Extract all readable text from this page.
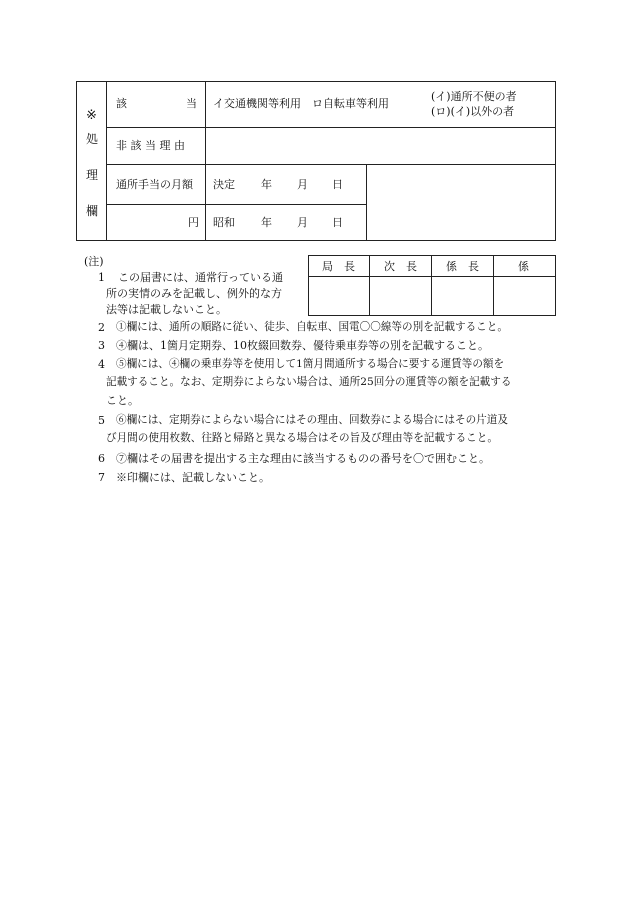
※
処
理
欄
該	当 イ交通機関等利用　ロ自転車等利用
(イ)通所不便の者
(ロ)(イ)以外の者
非 該 当 理 由
通所手当の月額 決定 年 月 日
円 昭和 年 月 日
局　長	次　長	係　長	係
(注)
1 この届書には、通常行っている通
所の実情のみを記載し、例外的な方
法等は記載しないこと。
2 ①欄には、通所の順路に従い、徒歩、自転車、国電〇〇線等の別を記載すること。
3 ④欄は、1箇月定期券、10枚綴回数券、優待乗車券等の別を記載すること。
4 ⑤欄には、④欄の乗車券等を使用して1箇月間通所する場合に要する運賃等の額を
記載すること。なお、定期券によらない場合は、通所25回分の運賃等の額を記載する
こと。
5 ⑥欄には、定期券によらない場合にはその理由、回数券による場合にはその片道及
び月間の使用枚数、往路と帰路と異なる場合はその旨及び理由等を記載すること。
6 ⑦欄はその届書を提出する主な理由に該当するものの番号を〇で囲むこと。
7 ※印欄には、記載しないこと。
